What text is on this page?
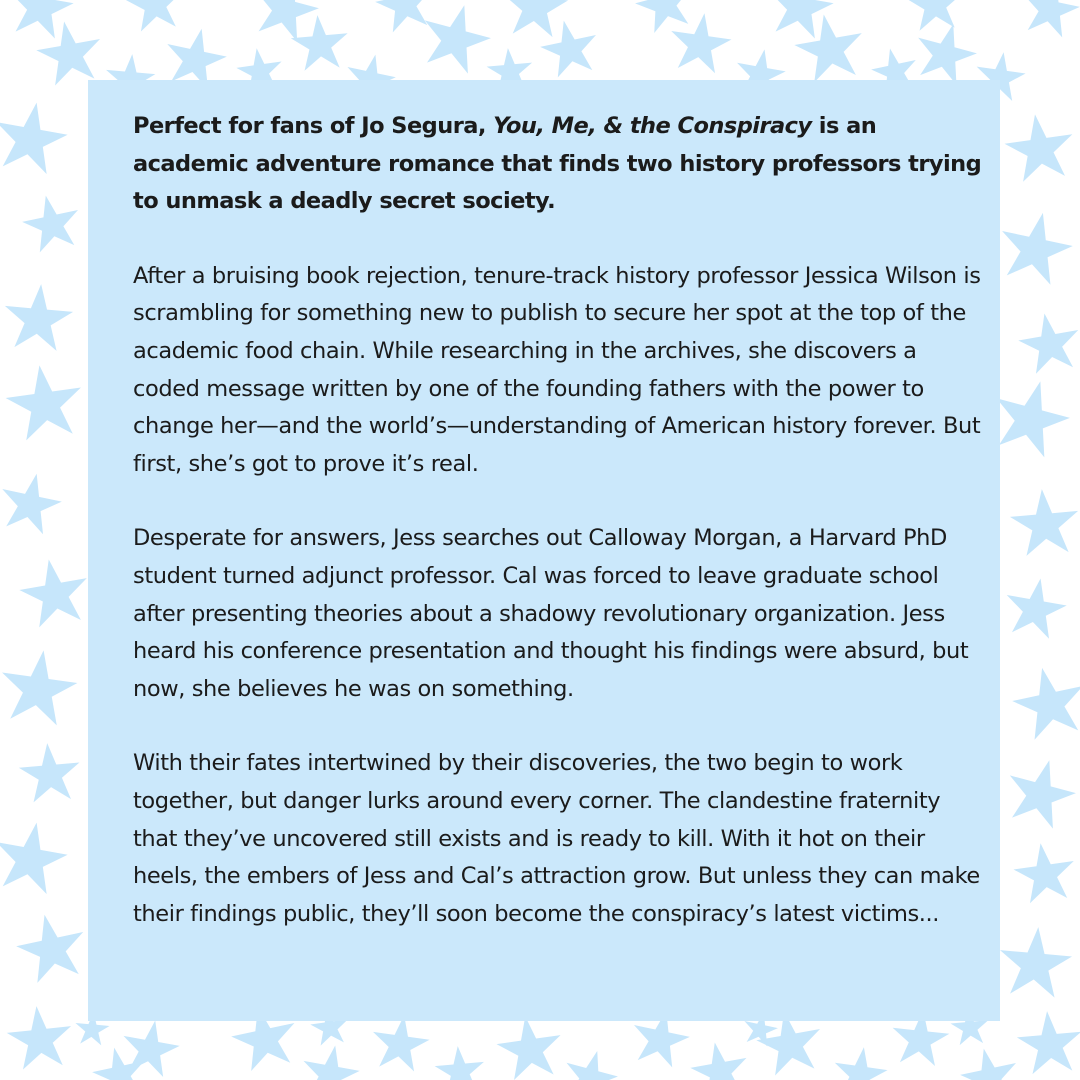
Perfect for fans of Jo Segura, You, Me, & the Conspiracy is an academic adventure romance that finds two history professors trying to unmask a deadly secret society.

After a bruising book rejection, tenure-track history professor Jessica Wilson is scrambling for something new to publish to secure her spot at the top of the academic food chain. While researching in the archives, she discovers a coded message written by one of the founding fathers with the power to change her—and the world’s—understanding of American history forever. But first, she’s got to prove it’s real.

Desperate for answers, Jess searches out Calloway Morgan, a Harvard PhD student turned adjunct professor. Cal was forced to leave graduate school after presenting theories about a shadowy revolutionary organization. Jess heard his conference presentation and thought his findings were absurd, but now, she believes he was on something.

With their fates intertwined by their discoveries, the two begin to work together, but danger lurks around every corner. The clandestine fraternity that they’ve uncovered still exists and is ready to kill. With it hot on their heels, the embers of Jess and Cal’s attraction grow. But unless they can make their findings public, they’ll soon become the conspiracy’s latest victims...
